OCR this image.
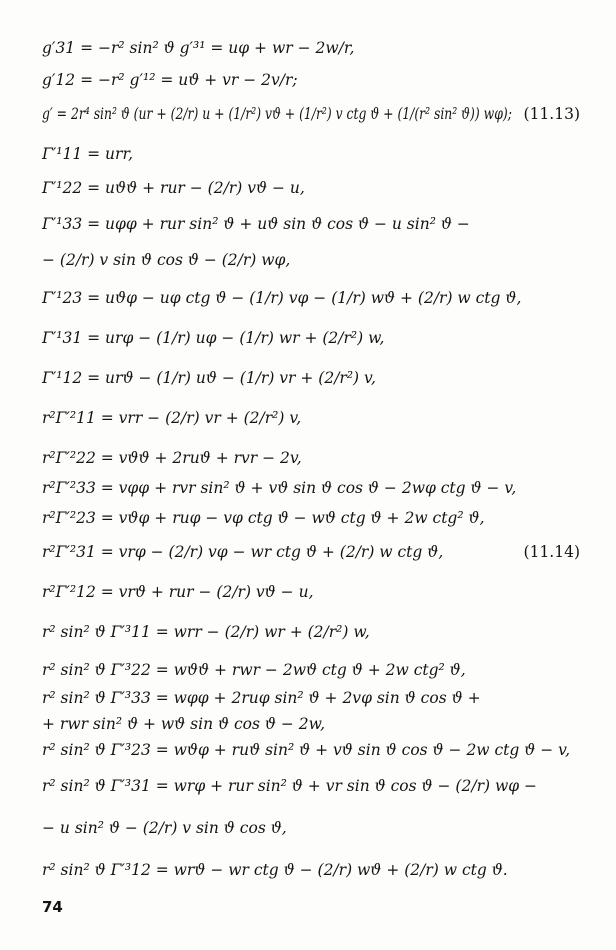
g′31 = −r² sin² ϑ g′³¹ = uφ + wr − 2w/r,
g′12 = −r² g′¹² = uϑ + vr − 2v/r;
g′ = 2r⁴ sin² ϑ (ur + (2/r) u + (1/r²) vϑ + (1/r²) v ctg ϑ + (1/(r² sin² ϑ)) wφ); (11.13)
Γ′¹11 = urr,
Γ′¹22 = uϑϑ + rur − (2/r) vϑ − u,
Γ′¹33 = uφφ + rur sin² ϑ + uϑ sin ϑ cos ϑ − u sin² ϑ −
− (2/r) v sin ϑ cos ϑ − (2/r) wφ,
Γ′¹23 = uϑφ − uφ ctg ϑ − (1/r) vφ − (1/r) wϑ + (2/r) w ctg ϑ,
Γ′¹31 = urφ − (1/r) uφ − (1/r) wr + (2/r²) w,
Γ′¹12 = urϑ − (1/r) uϑ − (1/r) vr + (2/r²) v,
r²Γ′²11 = vrr − (2/r) vr + (2/r²) v,
r²Γ′²22 = vϑϑ + 2ruϑ + rvr − 2v,
r²Γ′²33 = vφφ + rvr sin² ϑ + vϑ sin ϑ cos ϑ − 2wφ ctg ϑ − v,
r²Γ′²23 = vϑφ + ruφ − vφ ctg ϑ − wϑ ctg ϑ + 2w ctg² ϑ,
r²Γ′²31 = vrφ − (2/r) vφ − wr ctg ϑ + (2/r) w ctg ϑ,	(11.14)
r²Γ′²12 = vrϑ + rur − (2/r) vϑ − u,
r² sin² ϑ Γ′³11 = wrr − (2/r) wr + (2/r²) w,
r² sin² ϑ Γ′³22 = wϑϑ + rwr − 2wϑ ctg ϑ + 2w ctg² ϑ,
r² sin² ϑ Γ′³33 = wφφ + 2ruφ sin² ϑ + 2vφ sin ϑ cos ϑ +
+ rwr sin² ϑ + wϑ sin ϑ cos ϑ − 2w,
r² sin² ϑ Γ′³23 = wϑφ + ruϑ sin² ϑ + vϑ sin ϑ cos ϑ − 2w ctg ϑ − v,
r² sin² ϑ Γ′³31 = wrφ + rur sin² ϑ + vr sin ϑ cos ϑ − (2/r) wφ −
− u sin² ϑ − (2/r) v sin ϑ cos ϑ,
r² sin² ϑ Γ′³12 = wrϑ − wr ctg ϑ − (2/r) wϑ + (2/r) w ctg ϑ.
74
